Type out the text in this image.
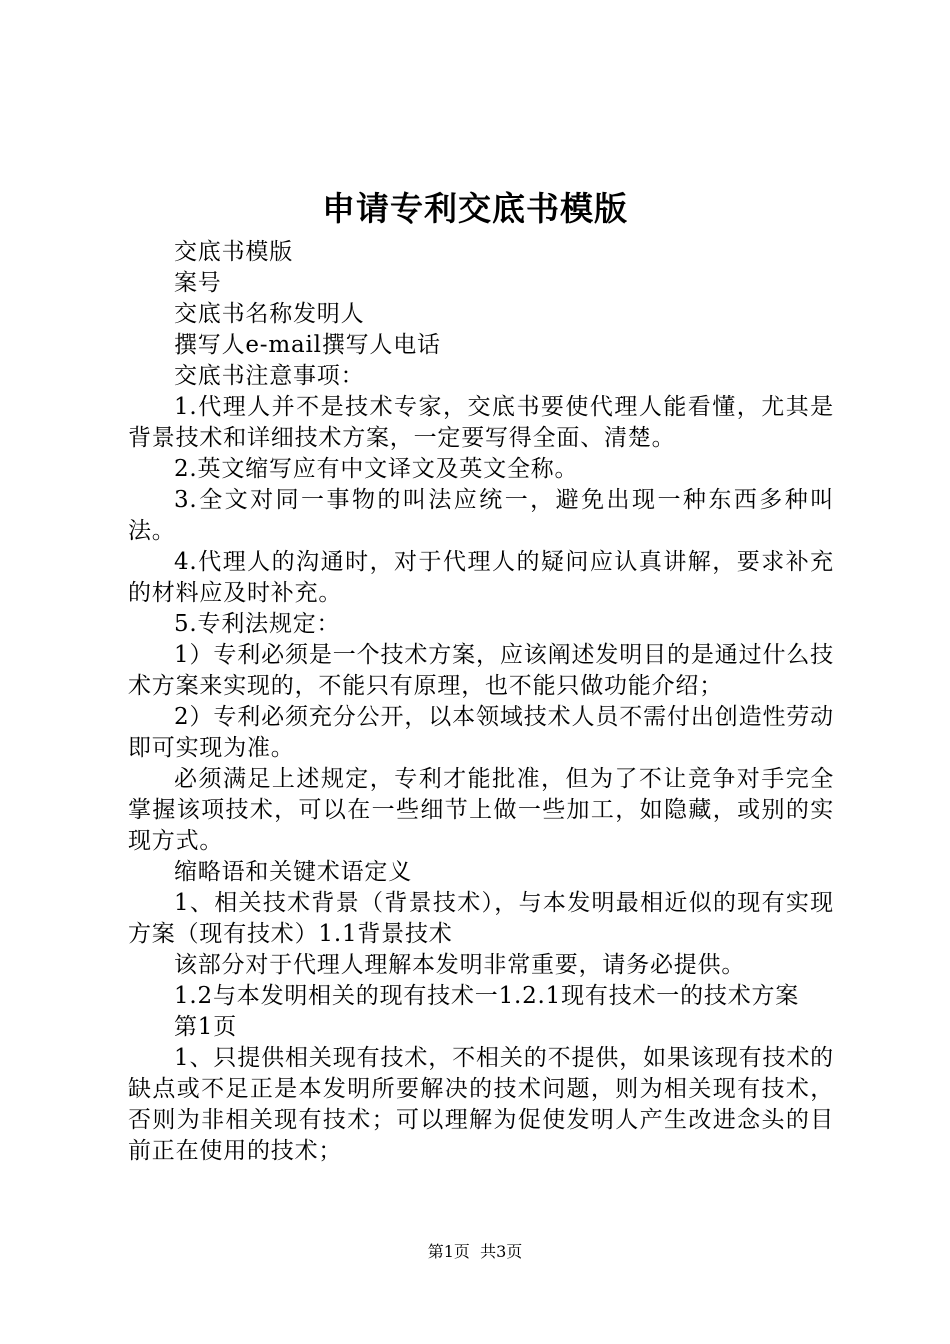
申请专利交底书模版

交底书模版

案号

交底书名称发明人

撰写人e-mail撰写人电话

交底书注意事项：

1.代理人并不是技术专家，交底书要使代理人能看懂，尤其是背景技术和详细技术方案，一定要写得全面、清楚。

2.英文缩写应有中文译文及英文全称。

3.全文对同一事物的叫法应统一，避免出现一种东西多种叫法。

4.代理人的沟通时，对于代理人的疑问应认真讲解，要求补充的材料应及时补充。

5.专利法规定：

1）专利必须是一个技术方案，应该阐述发明目的是通过什么技术方案来实现的，不能只有原理，也不能只做功能介绍；

2）专利必须充分公开，以本领域技术人员不需付出创造性劳动即可实现为准。

必须满足上述规定，专利才能批准，但为了不让竞争对手完全掌握该项技术，可以在一些细节上做一些加工，如隐藏，或别的实现方式。

缩略语和关键术语定义

1、相关技术背景（背景技术），与本发明最相近似的现有实现方案（现有技术）1.1背景技术

该部分对于代理人理解本发明非常重要，请务必提供。

1.2与本发明相关的现有技术一1.2.1现有技术一的技术方案

第1页

1、只提供相关现有技术，不相关的不提供，如果该现有技术的缺点或不足正是本发明所要解决的技术问题，则为相关现有技术，否则为非相关现有技术；可以理解为促使发明人产生改进念头的目前正在使用的技术；

第1页 共3页
